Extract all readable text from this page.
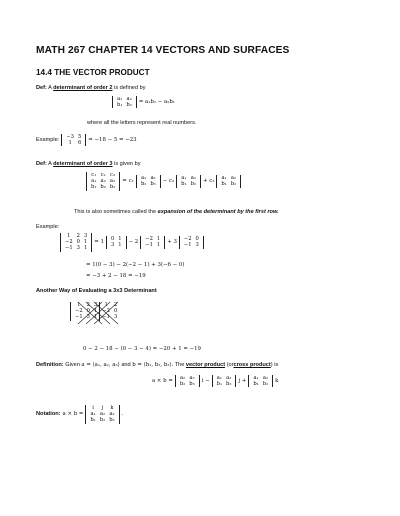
MATH 267 CHAPTER 14 VECTORS AND SURFACES
14.4 THE VECTOR PRODUCT
Def: A determinant of order 2 is defined by
a₁	a₂
b₁	b₂ = a₁b₂ − a₂b₁
where all the letters represent real numbers.
Example: −3	5
1	6 = −18 − 5 = −23
Def: A determinant of order 3 is given by
c₁	c₂	c₃
a₁	a₂	a₃
b₁	b₂	b₃
= c₁
a₂	a₃
b₂	b₃ − c₂
a₁	a₃
b₁	b₃ + c₃
a₁	a₂
b₁	b₂
This is also sometimes called the expansion of the determinant by the first row.
Example:
1	2	3
−2	0	1
−1	3	1
= 1
0	1
3	1 − 2
−2	1
−1	1 + 3
−2	0
−1	3
= 1(0 − 3) − 2(−2 − 1) + 3(−6 − 0)
= −3 + 2 − 18 = −19
Another Way of Evaluating a 3x3 Determinant
1	2	3	1	2
−2	0	1	−2	0
−1	3	1	−1	3
0 − 2 − 18 − (0 − 3 − 4) = −20 + 1 = −19
Definition: Given a = ⟨a₁, a₂, a₃⟩ and b = ⟨b₁, b₂, b₃⟩. The vector product (orcross product) is
a × b =
a₂	a₃
b₂	b₃ i −
a₁	a₃
b₁	b₃ j +
a₁	a₂
b₁	b₂ k
Notation: a × b =
i	j	k
a₁	a₂	a₃
b₁	b₂	b₃
.
